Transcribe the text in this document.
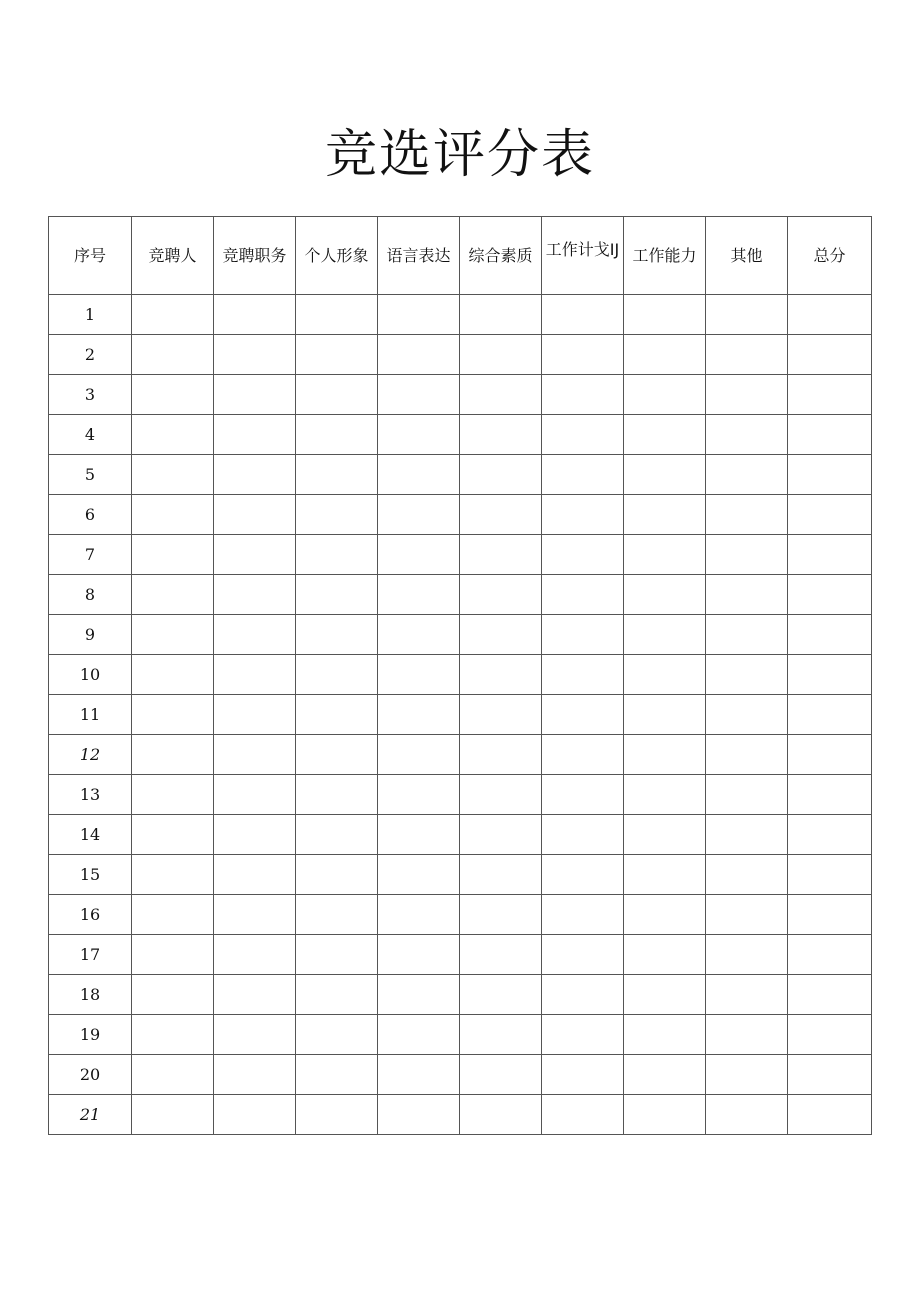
竞选评分表
序号	竞聘人	竞聘职务	个人形象	语言表达	综合素质	工作计戈IJ	工作能力	其他	总分
1									
2									
3									
4									
5									
6									
7									
8									
9									
10									
11									
12									
13									
14									
15									
16									
17									
18									
19									
20									
21									
